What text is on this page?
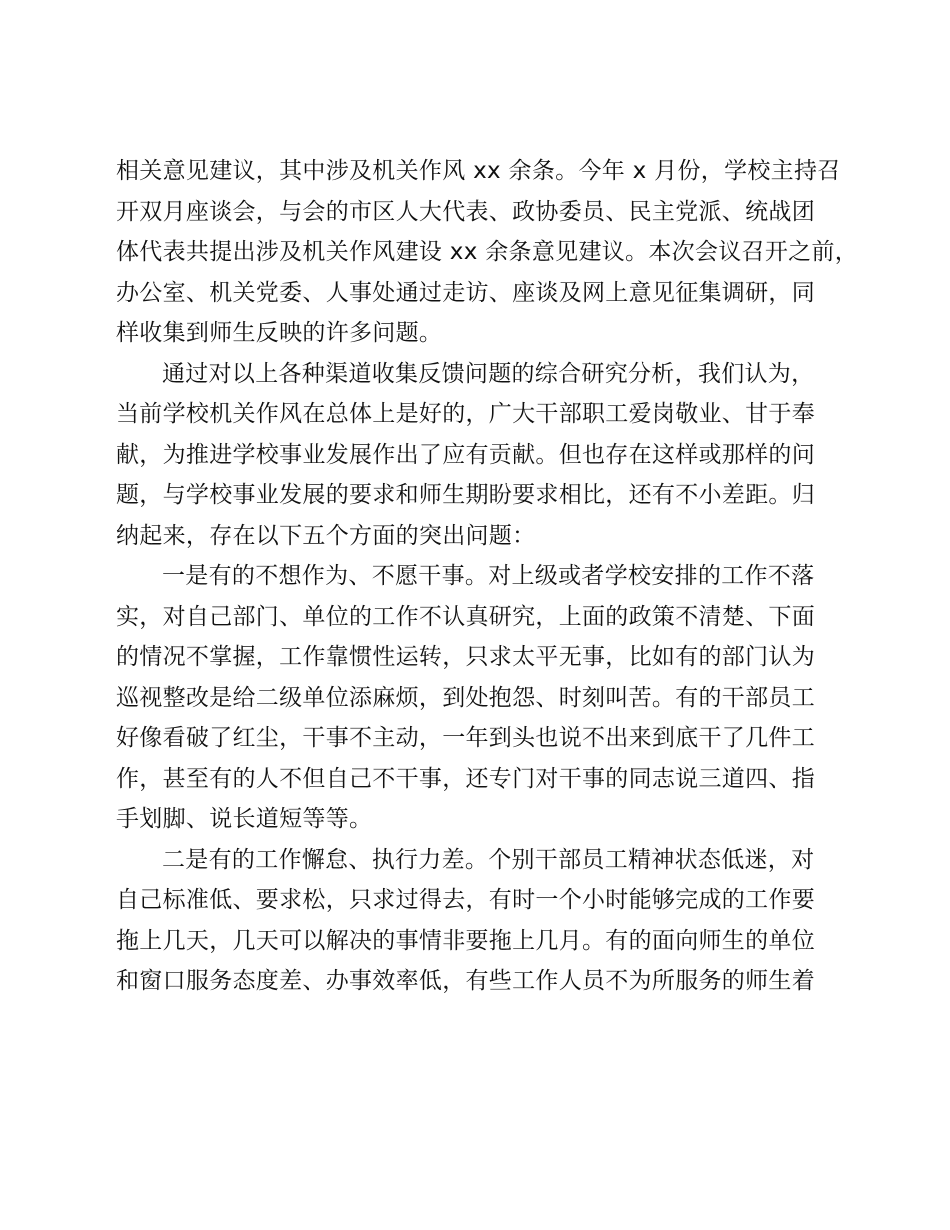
相关意见建议，其中涉及机关作风 xx 余条。今年 x 月份，学校主持召
开双月座谈会，与会的市区人大代表、政协委员、民主党派、统战团
体代表共提出涉及机关作风建设 xx 余条意见建议。本次会议召开之前，
办公室、机关党委、人事处通过走访、座谈及网上意见征集调研，同
样收集到师生反映的许多问题。
通过对以上各种渠道收集反馈问题的综合研究分析，我们认为，
当前学校机关作风在总体上是好的，广大干部职工爱岗敬业、甘于奉
献，为推进学校事业发展作出了应有贡献。但也存在这样或那样的问
题，与学校事业发展的要求和师生期盼要求相比，还有不小差距。归
纳起来，存在以下五个方面的突出问题：
一是有的不想作为、不愿干事。对上级或者学校安排的工作不落
实，对自己部门、单位的工作不认真研究，上面的政策不清楚、下面
的情况不掌握，工作靠惯性运转，只求太平无事，比如有的部门认为
巡视整改是给二级单位添麻烦，到处抱怨、时刻叫苦。有的干部员工
好像看破了红尘，干事不主动，一年到头也说不出来到底干了几件工
作，甚至有的人不但自己不干事，还专门对干事的同志说三道四、指
手划脚、说长道短等等。
二是有的工作懈怠、执行力差。个别干部员工精神状态低迷，对
自己标准低、要求松，只求过得去，有时一个小时能够完成的工作要
拖上几天，几天可以解决的事情非要拖上几月。有的面向师生的单位
和窗口服务态度差、办事效率低，有些工作人员不为所服务的师生着
